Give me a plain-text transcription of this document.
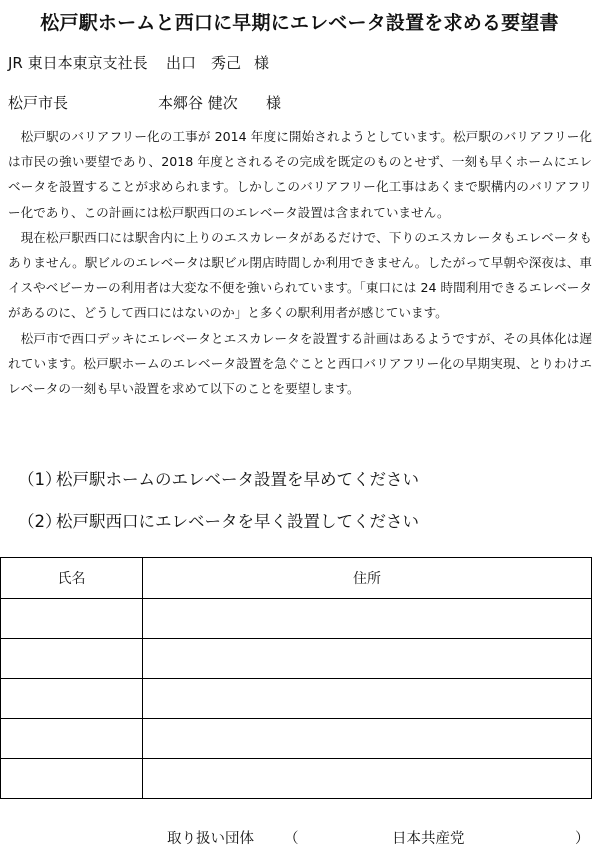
松戸駅ホームと西口に早期にエレベータ設置を求める要望書
JR 東日本東京支社長 出口　秀己 様
松戸市長	本郷谷 健次 様

松戸駅のバリアフリー化の工事が 2014 年度に開始されようとしています。松戸駅のバリアフリー化は市民の強い要望であり、2018 年度とされるその完成を既定のものとせず、一刻も早くホームにエレベータを設置することが求められます。しかしこのバリアフリー化工事はあくまで駅構内のバリアフリー化であり、この計画には松戸駅西口のエレベータ設置は含まれていません。

現在松戸駅西口には駅舎内に上りのエスカレータがあるだけで、下りのエスカレータもエレベータもありません。駅ビルのエレベータは駅ビル閉店時間しか利用できません。したがって早朝や深夜は、車イスやベビーカーの利用者は大変な不便を強いられています。「東口には 24 時間利用できるエレベータがあるのに、どうして西口にはないのか」と多くの駅利用者が感じています。

松戸市で西口デッキにエレベータとエスカレータを設置する計画はあるようですが、その具体化は遅れています。松戸駅ホームのエレベータ設置を急ぐことと西口バリアフリー化の早期実現、とりわけエレベータの一刻も早い設置を求めて以下のことを要望します。

（1）松戸駅ホームのエレベータ設置を早めてください
（2）松戸駅西口にエレベータを早く設置してください
氏名	住所

取り扱い団体 （	日本共産党	）
